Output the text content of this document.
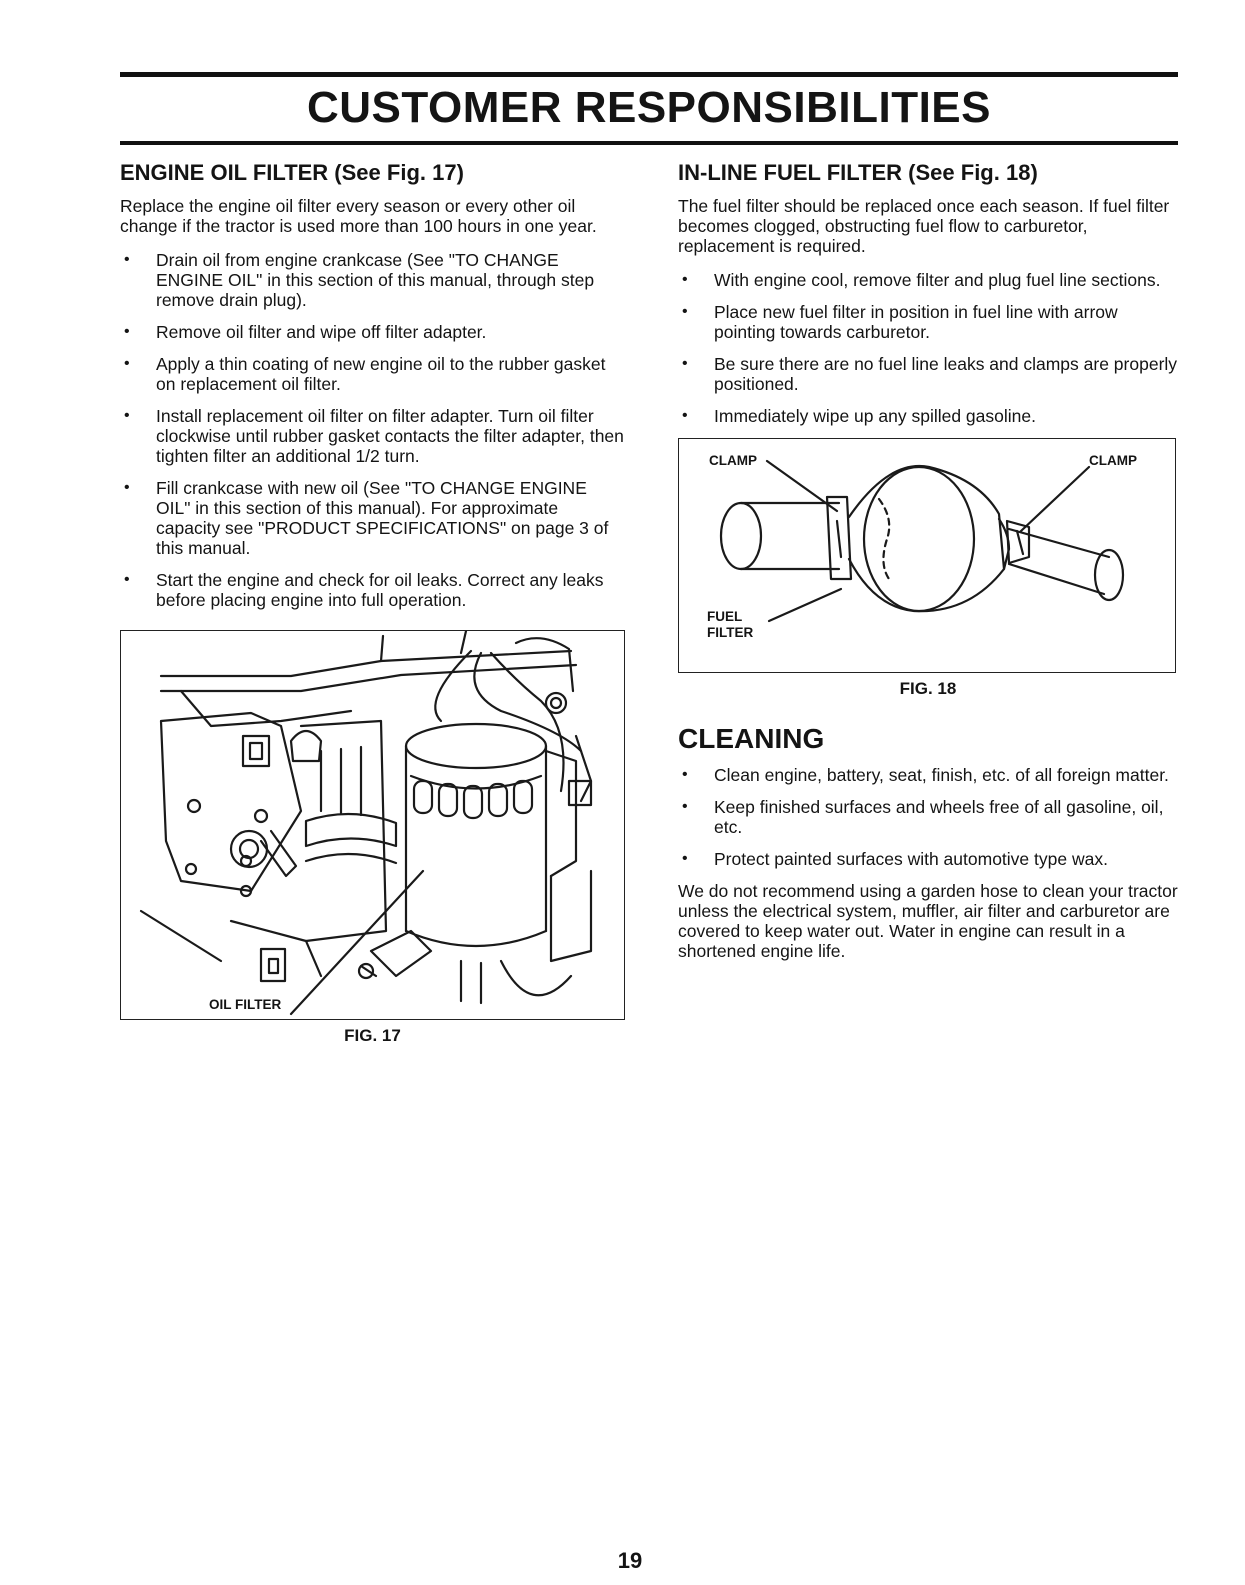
CUSTOMER RESPONSIBILITIES
ENGINE OIL FILTER (See Fig. 17)

Replace the engine oil filter every season or every other oil change if the tractor is used more than 100 hours in one year.

• Drain oil from engine crankcase (See "TO CHANGE ENGINE OIL" in this section of this manual, through step remove drain plug).
• Remove oil filter and wipe off filter adapter.
• Apply a thin coating of new engine oil to the rubber gasket on replacement oil filter.
• Install replacement oil filter on filter adapter. Turn oil filter clockwise until rubber gasket contacts the filter adapter, then tighten filter an additional 1/2 turn.
• Fill crankcase with new oil (See "TO CHANGE ENGINE OIL" in this section of this manual). For approximate capacity see "PRODUCT SPECIFICATIONS" on page 3 of this manual.
• Start the engine and check for oil leaks. Correct any leaks before placing engine into full operation.
OIL FILTER
FIG. 17
IN-LINE FUEL FILTER (See Fig. 18)

The fuel filter should be replaced once each season. If fuel filter becomes clogged, obstructing fuel flow to carburetor, replacement is required.

• With engine cool, remove filter and plug fuel line sections.
• Place new fuel filter in position in fuel line with arrow pointing towards carburetor.
• Be sure there are no fuel line leaks and clamps are properly positioned.
• Immediately wipe up any spilled gasoline.
CLAMP	CLAMP
FUEL
FILTER
FIG. 18
CLEANING
• Clean engine, battery, seat, finish, etc. of all foreign matter.
• Keep finished surfaces and wheels free of all gasoline, oil, etc.
• Protect painted surfaces with automotive type wax.

We do not recommend using a garden hose to clean your tractor unless the electrical system, muffler, air filter and carburetor are covered to keep water out. Water in engine can result in a shortened engine life.

19
